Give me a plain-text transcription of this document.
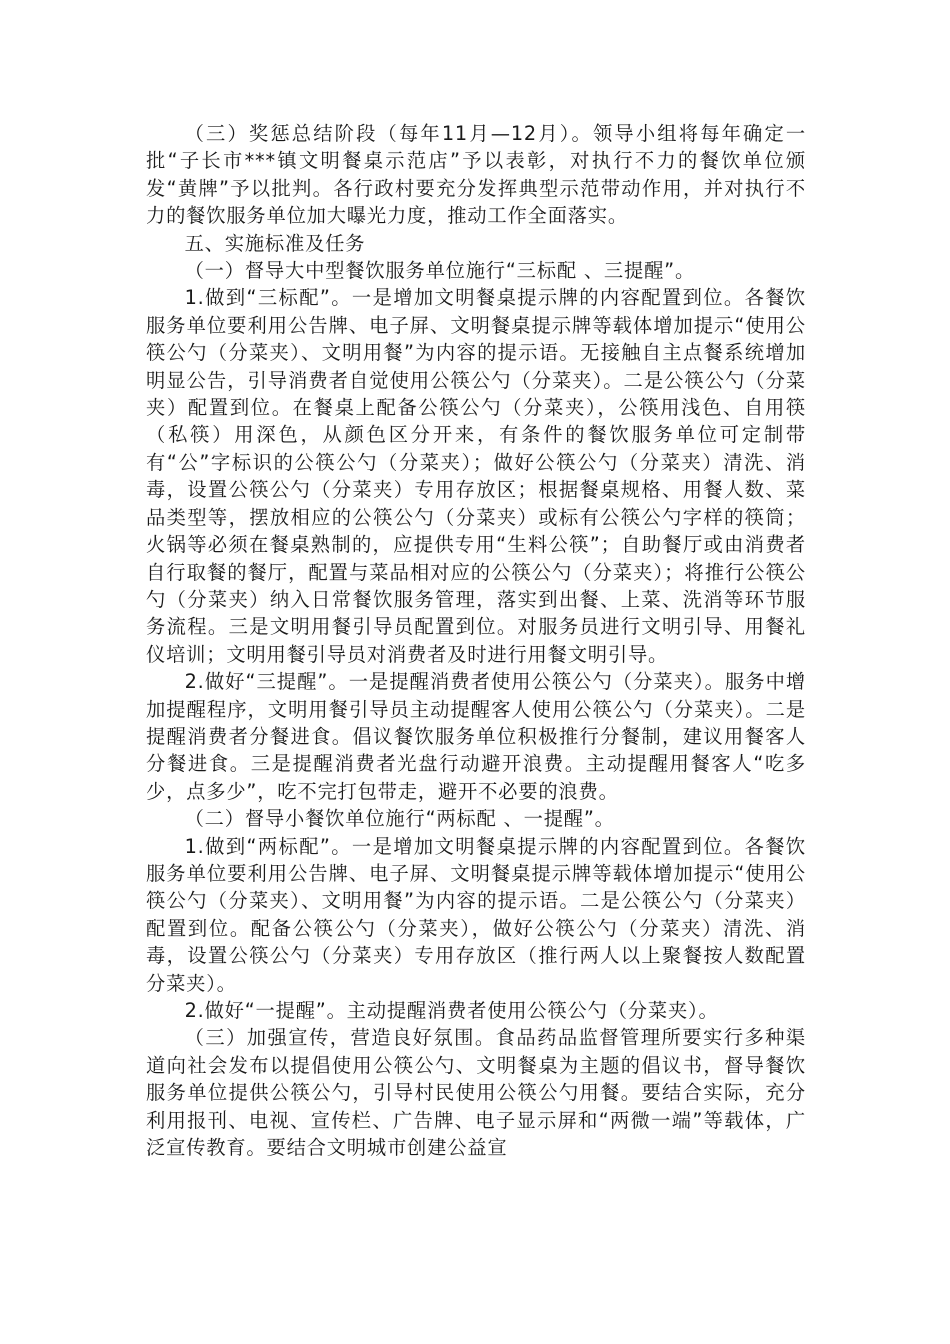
（三）奖惩总结阶段（每年11月—12月）。领导小组将每年确定一批“子长市***镇文明餐桌示范店”予以表彰，对执行不力的餐饮单位颁发“黄牌”予以批判。各行政村要充分发挥典型示范带动作用，并对执行不力的餐饮服务单位加大曝光力度，推动工作全面落实。

五、实施标准及任务

（一）督导大中型餐饮服务单位施行“三标配 、三提醒”。

1.做到“三标配”。一是增加文明餐桌提示牌的内容配置到位。各餐饮服务单位要利用公告牌、电子屏、文明餐桌提示牌等载体增加提示“使用公筷公勺（分菜夹）、文明用餐”为内容的提示语。无接触自主点餐系统增加明显公告，引导消费者自觉使用公筷公勺（分菜夹）。二是公筷公勺（分菜夹）配置到位。在餐桌上配备公筷公勺（分菜夹），公筷用浅色、自用筷（私筷）用深色，从颜色区分开来，有条件的餐饮服务单位可定制带有“公”字标识的公筷公勺（分菜夹）；做好公筷公勺（分菜夹）清洗、消毒，设置公筷公勺（分菜夹）专用存放区；根据餐桌规格、用餐人数、菜品类型等，摆放相应的公筷公勺（分菜夹）或标有公筷公勺字样的筷筒；火锅等必须在餐桌熟制的，应提供专用“生料公筷”；自助餐厅或由消费者自行取餐的餐厅，配置与菜品相对应的公筷公勺（分菜夹）；将推行公筷公勺（分菜夹）纳入日常餐饮服务管理，落实到出餐、上菜、洗消等环节服务流程。三是文明用餐引导员配置到位。对服务员进行文明引导、用餐礼仪培训；文明用餐引导员对消费者及时进行用餐文明引导。

2.做好“三提醒”。一是提醒消费者使用公筷公勺（分菜夹）。服务中增加提醒程序，文明用餐引导员主动提醒客人使用公筷公勺（分菜夹）。二是提醒消费者分餐进食。倡议餐饮服务单位积极推行分餐制，建议用餐客人分餐进食。三是提醒消费者光盘行动避开浪费。主动提醒用餐客人“吃多少，点多少”，吃不完打包带走，避开不必要的浪费。

（二）督导小餐饮单位施行“两标配 、一提醒”。

1.做到“两标配”。一是增加文明餐桌提示牌的内容配置到位。各餐饮服务单位要利用公告牌、电子屏、文明餐桌提示牌等载体增加提示“使用公筷公勺（分菜夹）、文明用餐”为内容的提示语。二是公筷公勺（分菜夹）配置到位。配备公筷公勺（分菜夹），做好公筷公勺（分菜夹）清洗、消毒，设置公筷公勺（分菜夹）专用存放区（推行两人以上聚餐按人数配置分菜夹）。

2.做好“一提醒”。主动提醒消费者使用公筷公勺（分菜夹）。

（三）加强宣传，营造良好氛围。食品药品监督管理所要实行多种渠道向社会发布以提倡使用公筷公勺、文明餐桌为主题的倡议书，督导餐饮服务单位提供公筷公勺，引导村民使用公筷公勺用餐。要结合实际，充分利用报刊、电视、宣传栏、广告牌、电子显示屏和“两微一端”等载体，广泛宣传教育。要结合文明城市创建公益宣
